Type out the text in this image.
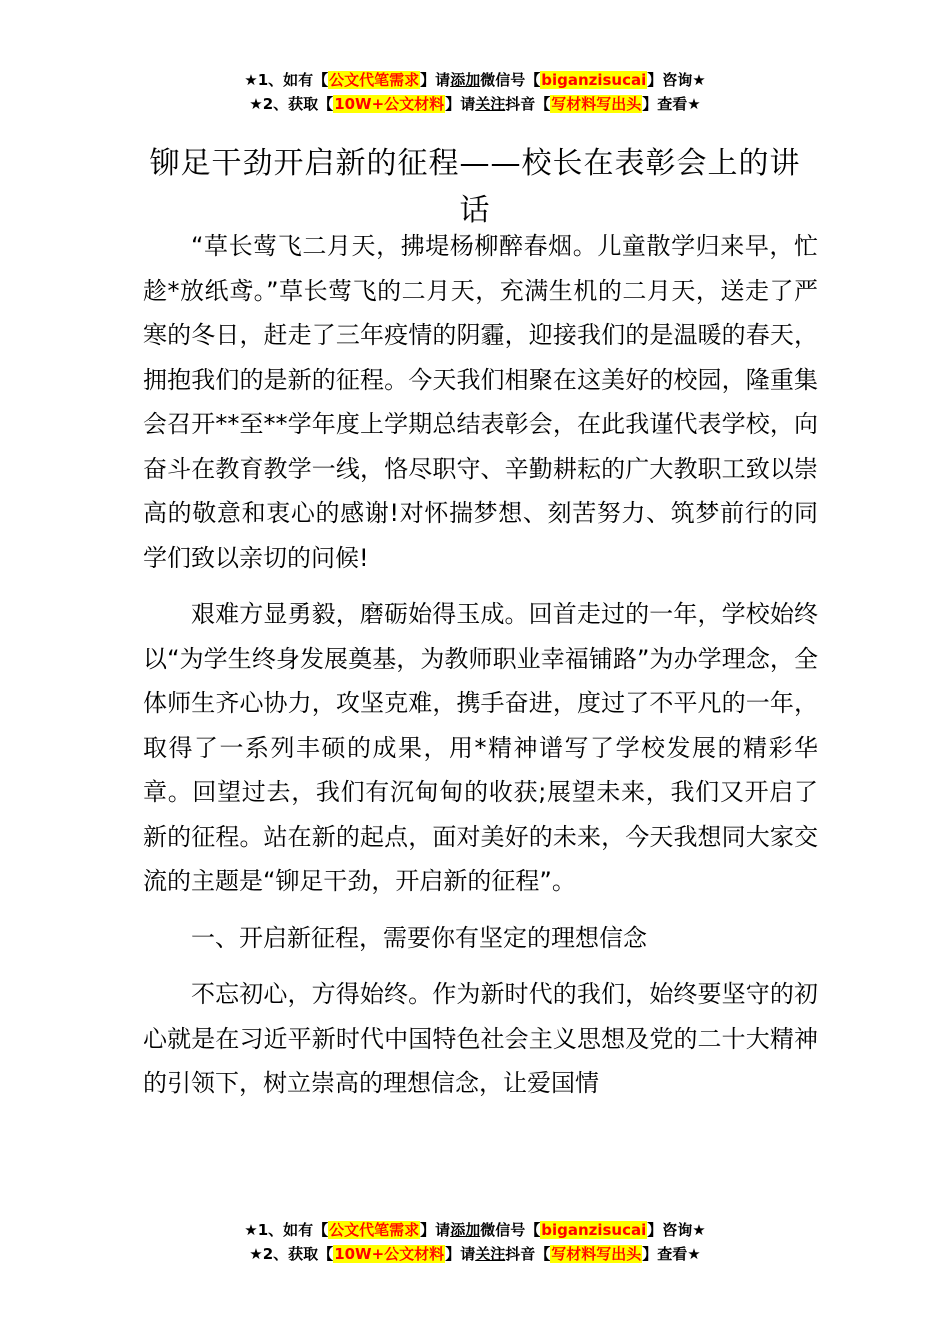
★1、如有【公文代笔需求】请添加微信号【biganzisucai】咨询★
★2、获取【10W+公文材料】请关注抖音【写材料写出头】查看★
铆足干劲开启新的征程——校长在表彰会上的讲话

“草长莺飞二月天，拂堤杨柳醉春烟。儿童散学归来早，忙趁*放纸鸢。”草长莺飞的二月天，充满生机的二月天，送走了严寒的冬日，赶走了三年疫情的阴霾，迎接我们的是温暖的春天，拥抱我们的是新的征程。今天我们相聚在这美好的校园，隆重集会召开**至**学年度上学期总结表彰会，在此我谨代表学校，向奋斗在教育教学一线，恪尽职守、辛勤耕耘的广大教职工致以崇高的敬意和衷心的感谢!对怀揣梦想、刻苦努力、筑梦前行的同学们致以亲切的问候!

艰难方显勇毅，磨砺始得玉成。回首走过的一年，学校始终以“为学生终身发展奠基，为教师职业幸福铺路”为办学理念，全体师生齐心协力，攻坚克难，携手奋进，度过了不平凡的一年，取得了一系列丰硕的成果，用*精神谱写了学校发展的精彩华章。回望过去，我们有沉甸甸的收获;展望未来，我们又开启了新的征程。站在新的起点，面对美好的未来，今天我想同大家交流的主题是“铆足干劲，开启新的征程”。

一、开启新征程，需要你有坚定的理想信念

不忘初心，方得始终。作为新时代的我们，始终要坚守的初心就是在习近平新时代中国特色社会主义思想及党的二十大精神的引领下，树立崇高的理想信念，让爱国情

★1、如有【公文代笔需求】请添加微信号【biganzisucai】咨询★
★2、获取【10W+公文材料】请关注抖音【写材料写出头】查看★
